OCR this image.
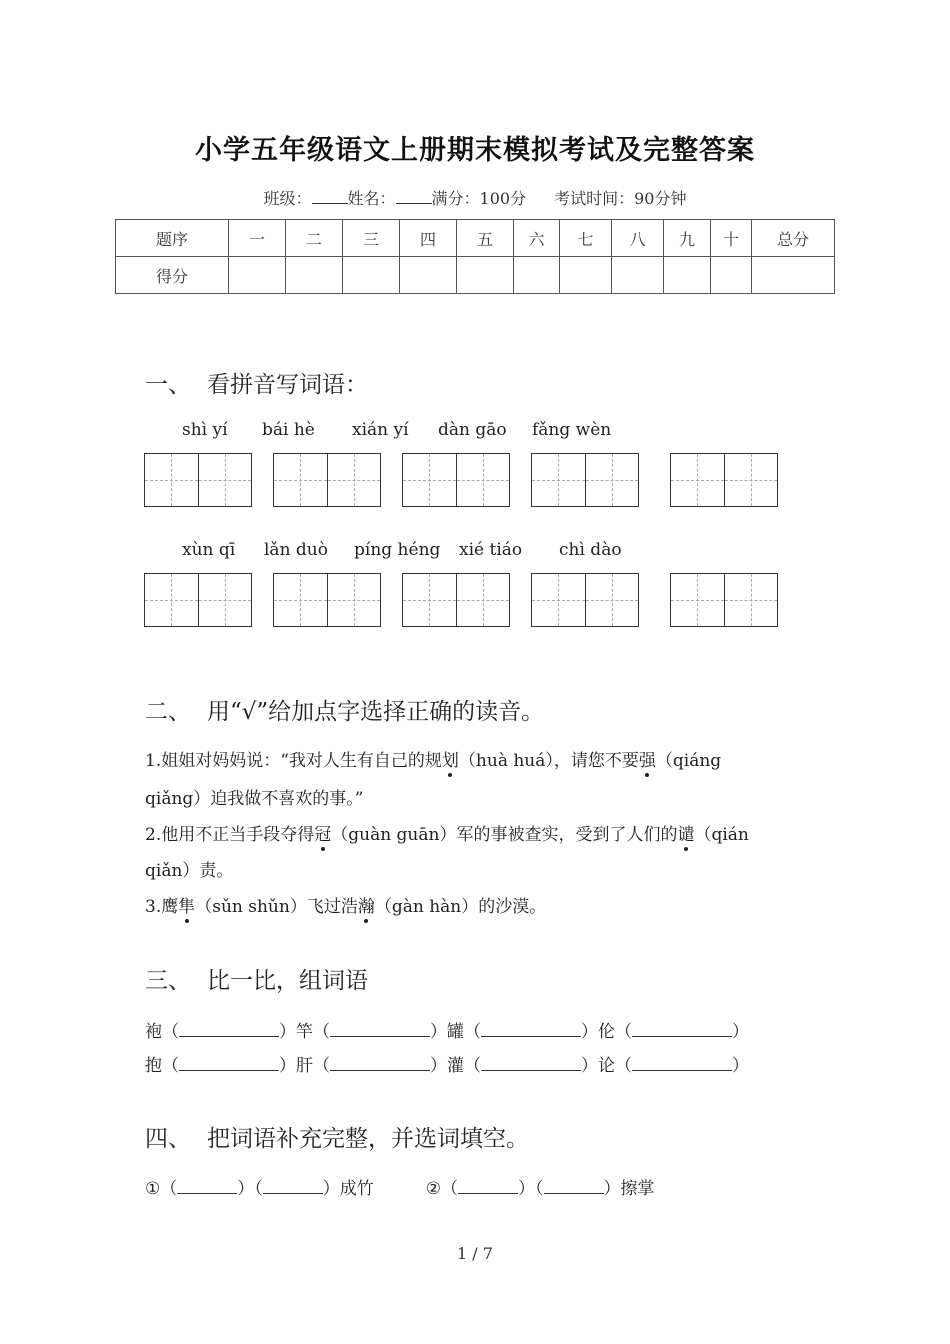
小学五年级语文上册期末模拟考试及完整答案
班级： 姓名： 满分：100分 考试时间：90分钟
题序	一	二	三	四	五	六	七	八	九	十	总分
得分											
一、 看拼音写词语：
shì yí bái hè xián yí dàn gāo fǎng wèn
xùn qī lǎn duò píng héng xié tiáo chì dào
二、 用“√”给加点字选择正确的读音。
1.姐姐对妈妈说：“我对人生有自己的规划（huà huá），请您不要强（qiáng
qiǎng）迫我做不喜欢的事。”
2.他用不正当手段夺得冠（guàn guān）军的事被查实，受到了人们的谴（qián
qiǎn）责。
3.鹰隼（sǔn shǔn）飞过浩瀚（gàn hàn）的沙漠。
三、 比一比，组词语
袍（	）竿（	）罐（	）伦（	）
抱（	）肝（	）灌（	）论（	）
四、 把词语补充完整，并选词填空。
①（	）（	）成竹	②（	）（	）擦掌
1 / 7
